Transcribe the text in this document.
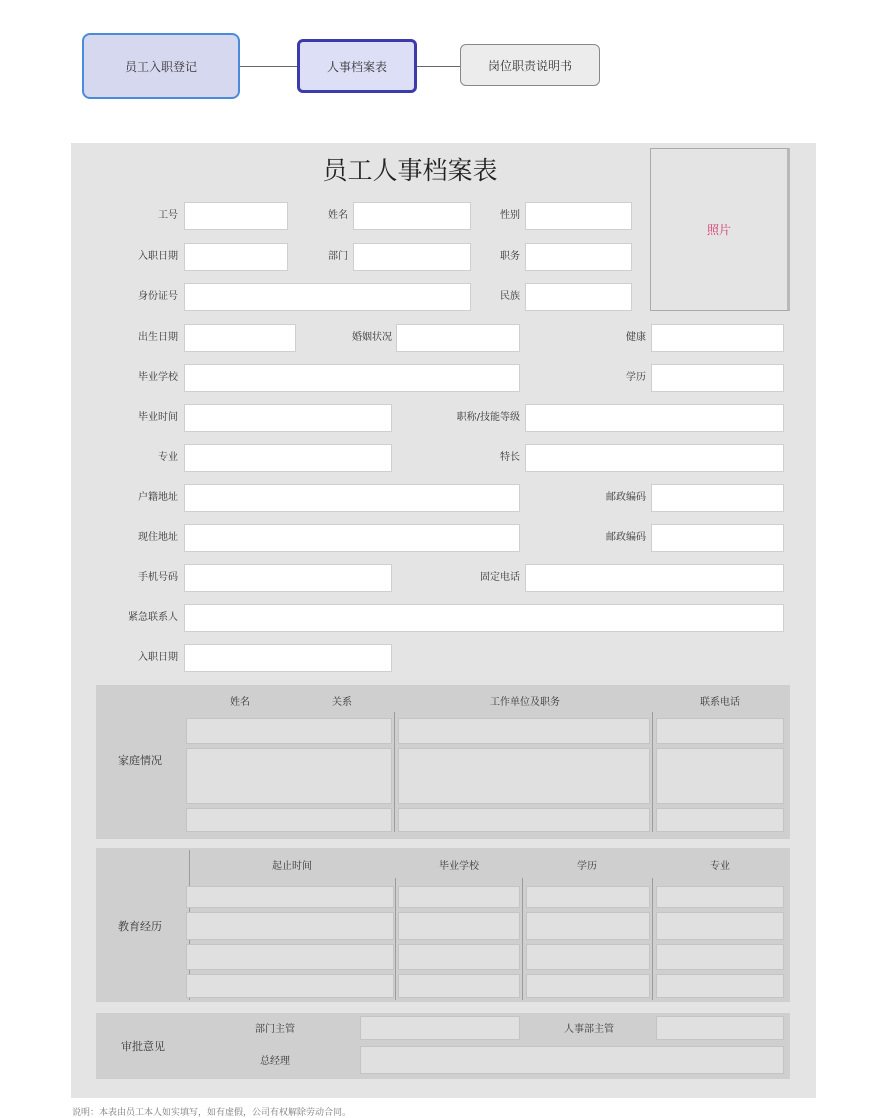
员工入职登记	人事档案表	岗位职责说明书
员工人事档案表
照片
工号	姓名	性别
入职日期	部门	职务
身份证号	民族
出生日期	婚姻状况	健康
毕业学校	学历
毕业时间	职称/技能等级
专业	特长
户籍地址	邮政编码
现住地址	邮政编码
手机号码	固定电话
紧急联系人
入职日期
家庭情况
姓名	关系	工作单位及职务	联系电话
教育经历
起止时间	毕业学校	学历	专业
审批意见
部门主管	人事部主管
总经理
说明：本表由员工本人如实填写，如有虚假，公司有权解除劳动合同。
